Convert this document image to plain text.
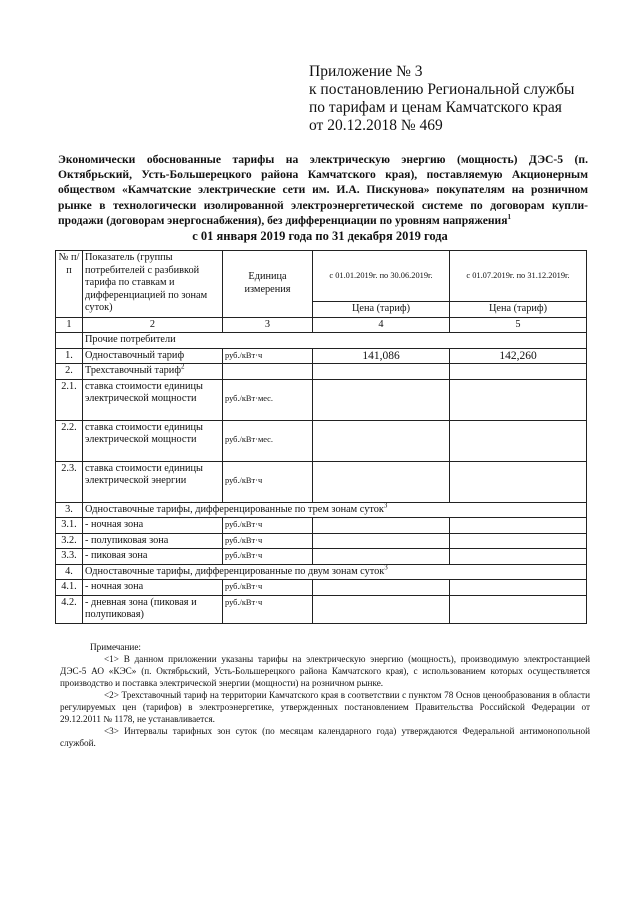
Приложение № 3
к постановлению Региональной службы
по тарифам и ценам Камчатского края
от 20.12.2018 № 469
Экономически обоснованные тарифы на электрическую энергию (мощность) ДЭС-5 (п. Октябрьский, Усть-Большерецкого района Камчатского края), поставляемую Акционерным обществом «Камчатские электрические сети им. И.А. Пискунова» покупателям на розничном рынке в технологически изолированной электроэнергетической системе по договорам купли-продажи (договорам энергоснабжения), без дифференциации по уровням напряжения$^1$
с 01 января 2019 года по 31 декабря 2019 года
№ п/п	Показатель (группы потребителей с разбивкой тарифа по ставкам и дифференциацией по зонам суток)	Единица измерения	с 01.01.2019г. по 30.06.2019г.	с 01.07.2019г. по 31.12.2019г.
			Цена (тариф)	Цена (тариф)
1	2	3	4	5
	Прочие потребители			
1.	Одноставочный тариф	руб./кВт·ч	141,086	142,260
2.	Трехставочный тариф$^2$			
2.1.	ставка стоимости единицы электрической мощности	руб./кВт·мес.		
2.2.	ставка стоимости единицы электрической мощности	руб./кВт·мес.		
2.3.	ставка стоимости единицы электрической энергии	руб./кВт·ч		
3.	Одноставочные тарифы, дифференцированные по трем зонам суток$^3$
3.1.	- ночная зона	руб./кВт·ч		
3.2.	- полупиковая зона	руб./кВт·ч		
3.3.	- пиковая зона	руб./кВт·ч		
4.	Одноставочные тарифы, дифференцированные по двум зонам суток$^3$
4.1.	- ночная зона	руб./кВт·ч		
4.2.	- дневная зона (пиковая и полупиковая)	руб./кВт·ч		

Примечание:

<1> В данном приложении указаны тарифы на электрическую энергию (мощность), производимую электростанцией ДЭС-5 АО «КЭС» (п. Октябрьский, Усть-Большерецкого района Камчатского края), с использованием которых осуществляется производство и поставка электрической энергии (мощности) на розничном рынке.

<2> Трехставочный тариф на территории Камчатского края в соответствии с пунктом 78 Основ ценообразования в области регулируемых цен (тарифов) в электроэнергетике, утвержденных постановлением Правительства Российской Федерации от 29.12.2011 № 1178, не устанавливается.

<3> Интервалы тарифных зон суток (по месяцам календарного года) утверждаются Федеральной антимонопольной службой.
